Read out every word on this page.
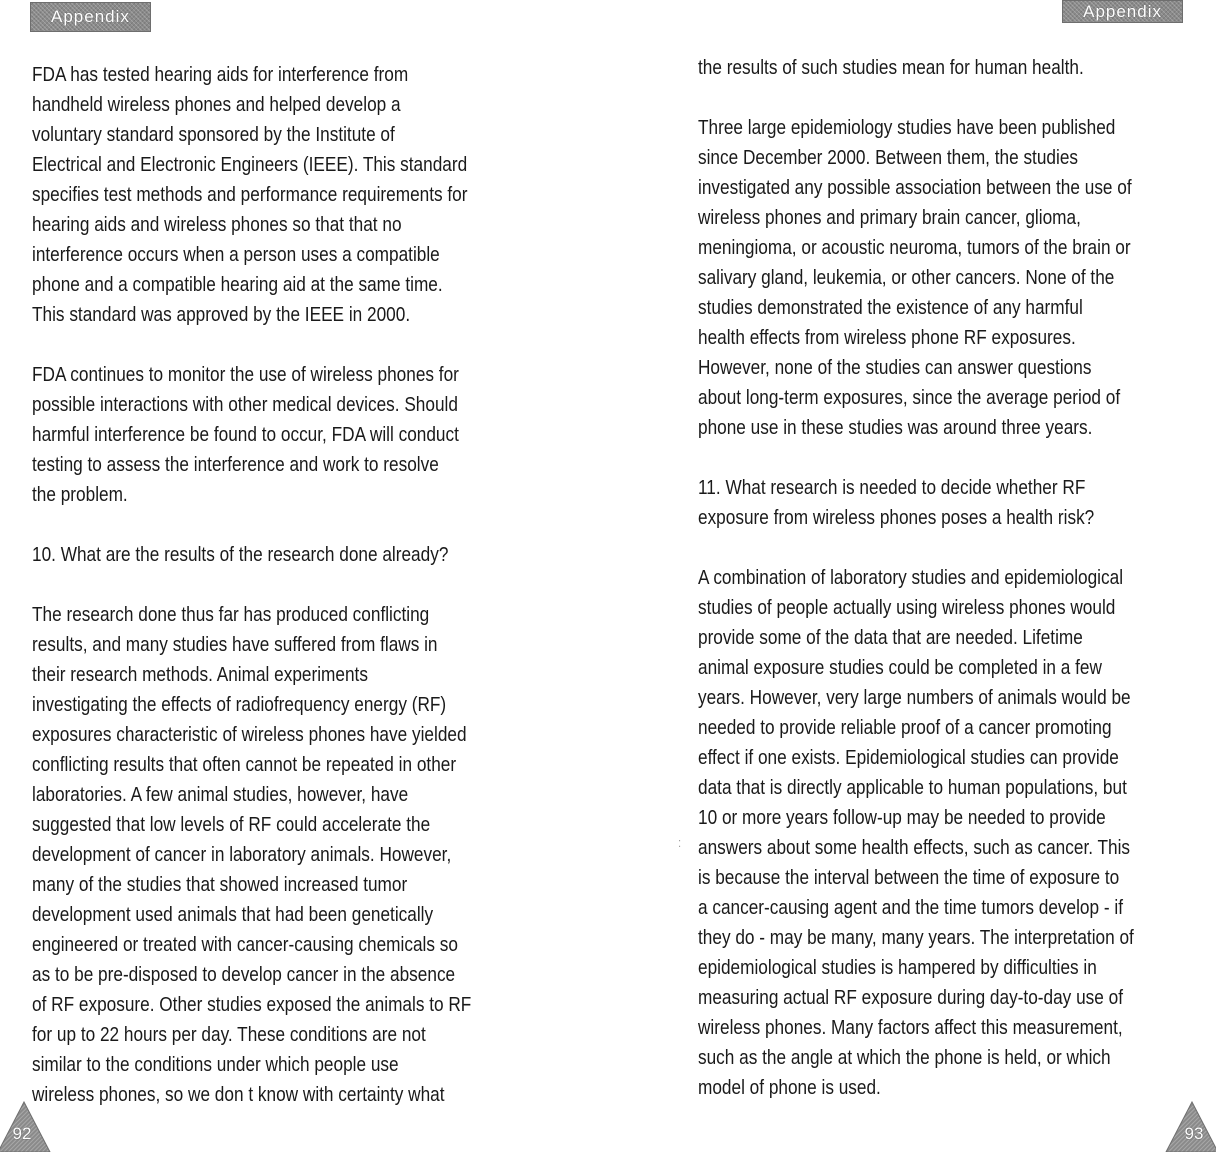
Appendix

FDA has tested hearing aids for interference from
handheld wireless phones and helped develop a
voluntary standard sponsored by the Institute of
Electrical and Electronic Engineers (IEEE). This standard
specifies test methods and performance requirements for
hearing aids and wireless phones so that that no
interference occurs when a person uses a compatible
phone and a compatible hearing aid at the same time.
This standard was approved by the IEEE in 2000.

FDA continues to monitor the use of wireless phones for
possible interactions with other medical devices. Should
harmful interference be found to occur, FDA will conduct
testing to assess the interference and work to resolve
the problem.

10. What are the results of the research done already?

The research done thus far has produced conflicting
results, and many studies have suffered from flaws in
their research methods. Animal experiments
investigating the effects of radiofrequency energy (RF)
exposures characteristic of wireless phones have yielded
conflicting results that often cannot be repeated in other
laboratories. A few animal studies, however, have
suggested that low levels of RF could accelerate the
development of cancer in laboratory animals. However,
many of the studies that showed increased tumor
development used animals that had been genetically
engineered or treated with cancer-causing chemicals so
as to be pre-disposed to develop cancer in the absence
of RF exposure. Other studies exposed the animals to RF
for up to 22 hours per day. These conditions are not
similar to the conditions under which people use
wireless phones, so we don t know with certainty what

92
Appendix

the results of such studies mean for human health.

Three large epidemiology studies have been published
since December 2000. Between them, the studies
investigated any possible association between the use of
wireless phones and primary brain cancer, glioma,
meningioma, or acoustic neuroma, tumors of the brain or
salivary gland, leukemia, or other cancers. None of the
studies demonstrated the existence of any harmful
health effects from wireless phone RF exposures.
However, none of the studies can answer questions
about long-term exposures, since the average period of
phone use in these studies was around three years.

11. What research is needed to decide whether RF
exposure from wireless phones poses a health risk?

A combination of laboratory studies and epidemiological
studies of people actually using wireless phones would
provide some of the data that are needed. Lifetime
animal exposure studies could be completed in a few
years. However, very large numbers of animals would be
needed to provide reliable proof of a cancer promoting
effect if one exists. Epidemiological studies can provide
data that is directly applicable to human populations, but
10 or more years follow-up may be needed to provide
answers about some health effects, such as cancer. This
is because the interval between the time of exposure to
a cancer-causing agent and the time tumors develop - if
they do - may be many, many years. The interpretation of
epidemiological studies is hampered by difficulties in
measuring actual RF exposure during day-to-day use of
wireless phones. Many factors affect this measurement,
such as the angle at which the phone is held, or which
model of phone is used.

93
⁚
